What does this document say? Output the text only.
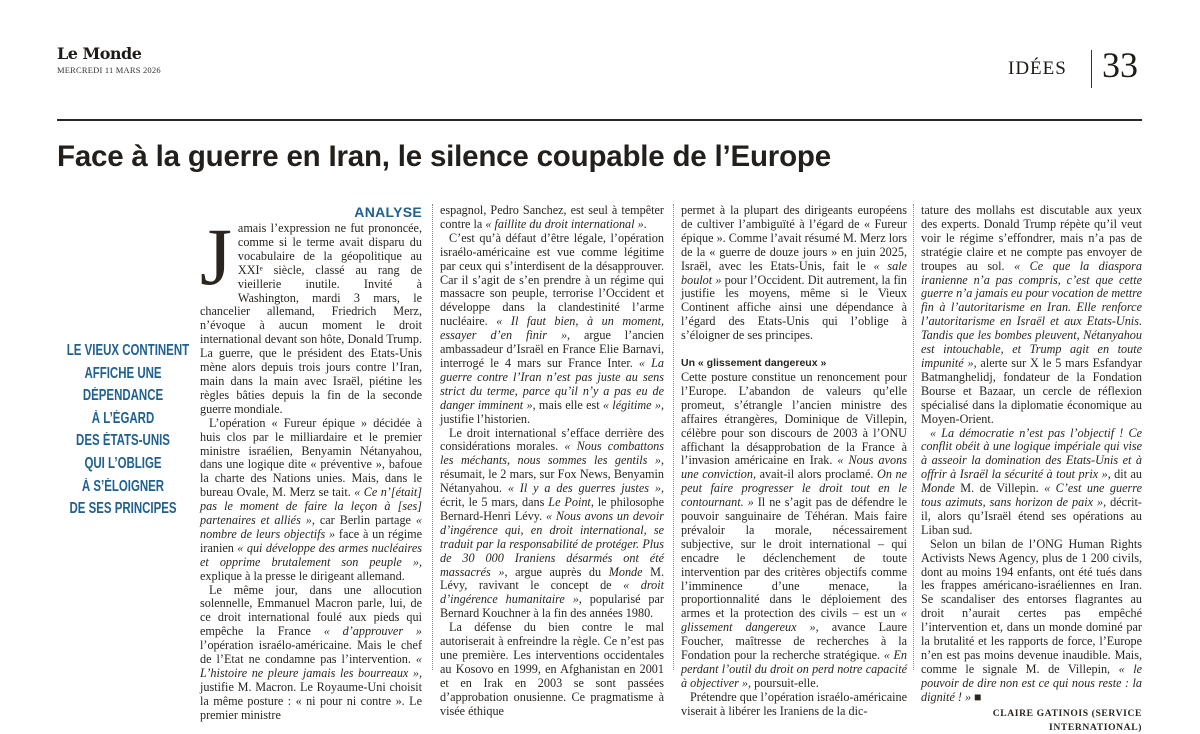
Le Monde
MERCREDI 11 MARS 2026	IDÉES 33
Face à la guerre en Iran, le silence coupable de l’Europe
LE VIEUX CONTINENT
AFFICHE UNE
DÉPENDANCE
À L’ÉGARD
DES ÉTATS-UNIS
QUI L’OBLIGE
À S’ÉLOIGNER
DE SES PRINCIPES
ANALYSE
J amais l’expression ne fut prononcée, comme si le terme avait disparu du vocabulaire de la géopolitique au XXIᵉ siècle, classé au rang de vieillerie inutile. Invité à Washington, mardi 3 mars, le chancelier allemand, Friedrich Merz, n’évoque à aucun moment le droit international devant son hôte, Donald Trump. La guerre, que le président des Etats-Unis mène alors depuis trois jours contre l’Iran, main dans la main avec Israël, piétine les règles bâties depuis la fin de la seconde guerre mondiale.

L’opération « Fureur épique » décidée à huis clos par le milliardaire et le premier ministre israélien, Benyamin Nétanyahou, dans une logique dite « préventive », bafoue la charte des Nations unies. Mais, dans le bureau Ovale, M. Merz se tait. « Ce n’[était] pas le moment de faire la leçon à [ses] partenaires et alliés », car Berlin partage « nombre de leurs objectifs » face à un régime iranien « qui développe des armes nucléaires et opprime brutalement son peuple », explique à la presse le dirigeant allemand.

Le même jour, dans une allocution solennelle, Emmanuel Macron parle, lui, de ce droit international foulé aux pieds qui empêche la France « d’approuver » l’opération israélo-américaine. Mais le chef de l’Etat ne condamne pas l’intervention. « L’histoire ne pleure jamais les bourreaux », justifie M. Macron. Le Royaume-Uni choisit la même posture : « ni pour ni contre ». Le premier ministre

espagnol, Pedro Sanchez, est seul à tempêter contre la « faillite du droit international ».

C’est qu’à défaut d’être légale, l’opération israélo-américaine est vue comme légitime par ceux qui s’interdisent de la désapprouver. Car il s’agit de s’en prendre à un régime qui massacre son peuple, terrorise l’Occident et développe dans la clandestinité l’arme nucléaire. « Il faut bien, à un moment, essayer d’en finir », argue l’ancien ambassadeur d’Israël en France Elie Barnavi, interrogé le 4 mars sur France Inter. « La guerre contre l’Iran n’est pas juste au sens strict du terme, parce qu’il n’y a pas eu de danger imminent », mais elle est « légitime », justifie l’historien.

Le droit international s’efface derrière des considérations morales. « Nous combattons les méchants, nous sommes les gentils », résumait, le 2 mars, sur Fox News, Benyamin Nétanyahou. « Il y a des guerres justes », écrit, le 5 mars, dans Le Point, le philosophe Bernard-Henri Lévy. « Nous avons un devoir d’ingérence qui, en droit international, se traduit par la responsabilité de protéger. Plus de 30 000 Iraniens désarmés ont été massacrés », argue auprès du Monde M. Lévy, ravivant le concept de « droit d’ingérence humanitaire », popularisé par Bernard Kouchner à la fin des années 1980.

La défense du bien contre le mal autoriserait à enfreindre la règle. Ce n’est pas une première. Les interventions occidentales au Kosovo en 1999, en Afghanistan en 2001 et en Irak en 2003 se sont passées d’approbation onusienne. Ce pragmatisme à visée éthique

permet à la plupart des dirigeants européens de cultiver l’ambiguïté à l’égard de « Fureur épique ». Comme l’avait résumé M. Merz lors de la « guerre de douze jours » en juin 2025, Israël, avec les Etats-Unis, fait le « sale boulot » pour l’Occident. Dit autrement, la fin justifie les moyens, même si le Vieux Continent affiche ainsi une dépendance à l’égard des Etats-Unis qui l’oblige à s’éloigner de ses principes.

Un « glissement dangereux »

Cette posture constitue un renoncement pour l’Europe. L’abandon de valeurs qu’elle promeut, s’étrangle l’ancien ministre des affaires étrangères, Dominique de Villepin, célèbre pour son discours de 2003 à l’ONU affichant la désapprobation de la France à l’invasion américaine en Irak. « Nous avons une conviction, avait-il alors proclamé. On ne peut faire progresser le droit tout en le contournant. » Il ne s’agit pas de défendre le pouvoir sanguinaire de Téhéran. Mais faire prévaloir la morale, nécessairement subjective, sur le droit international – qui encadre le déclenchement de toute intervention par des critères objectifs comme l’imminence d’une menace, la proportionnalité dans le déploiement des armes et la protection des civils – est un « glissement dangereux », avance Laure Foucher, maîtresse de recherches à la Fondation pour la recherche stratégique. « En perdant l’outil du droit on perd notre capacité à objectiver », poursuit-elle.

Prétendre que l’opération israélo-américaine viserait à libérer les Iraniens de la dic-

tature des mollahs est discutable aux yeux des experts. Donald Trump répète qu’il veut voir le régime s’effondrer, mais n’a pas de stratégie claire et ne compte pas envoyer de troupes au sol. « Ce que la diaspora iranienne n’a pas compris, c’est que cette guerre n’a jamais eu pour vocation de mettre fin à l’autoritarisme en Iran. Elle renforce l’autoritarisme en Israël et aux Etats-Unis. Tandis que les bombes pleuvent, Nétanyahou est intouchable, et Trump agit en toute impunité », alerte sur X le 5 mars Esfandyar Batmanghelidj, fondateur de la Fondation Bourse et Bazaar, un cercle de réflexion spécialisé dans la diplomatie économique au Moyen-Orient.

« La démocratie n’est pas l’objectif ! Ce conflit obéit à une logique impériale qui vise à asseoir la domination des Etats-Unis et à offrir à Israël la sécurité à tout prix », dit au Monde M. de Villepin. « C’est une guerre tous azimuts, sans horizon de paix », décrit-il, alors qu’Israël étend ses opérations au Liban sud.

Selon un bilan de l’ONG Human Rights Activists News Agency, plus de 1 200 civils, dont au moins 194 enfants, ont été tués dans les frappes américano-israéliennes en Iran. Se scandaliser des entorses flagrantes au droit n’aurait certes pas empêché l’intervention et, dans un monde dominé par la brutalité et les rapports de force, l’Europe n’en est pas moins devenue inaudible. Mais, comme le signale M. de Villepin, « le pouvoir de dire non est ce qui nous reste : la dignité ! » ■

CLAIRE GATINOIS (SERVICE INTERNATIONAL)
